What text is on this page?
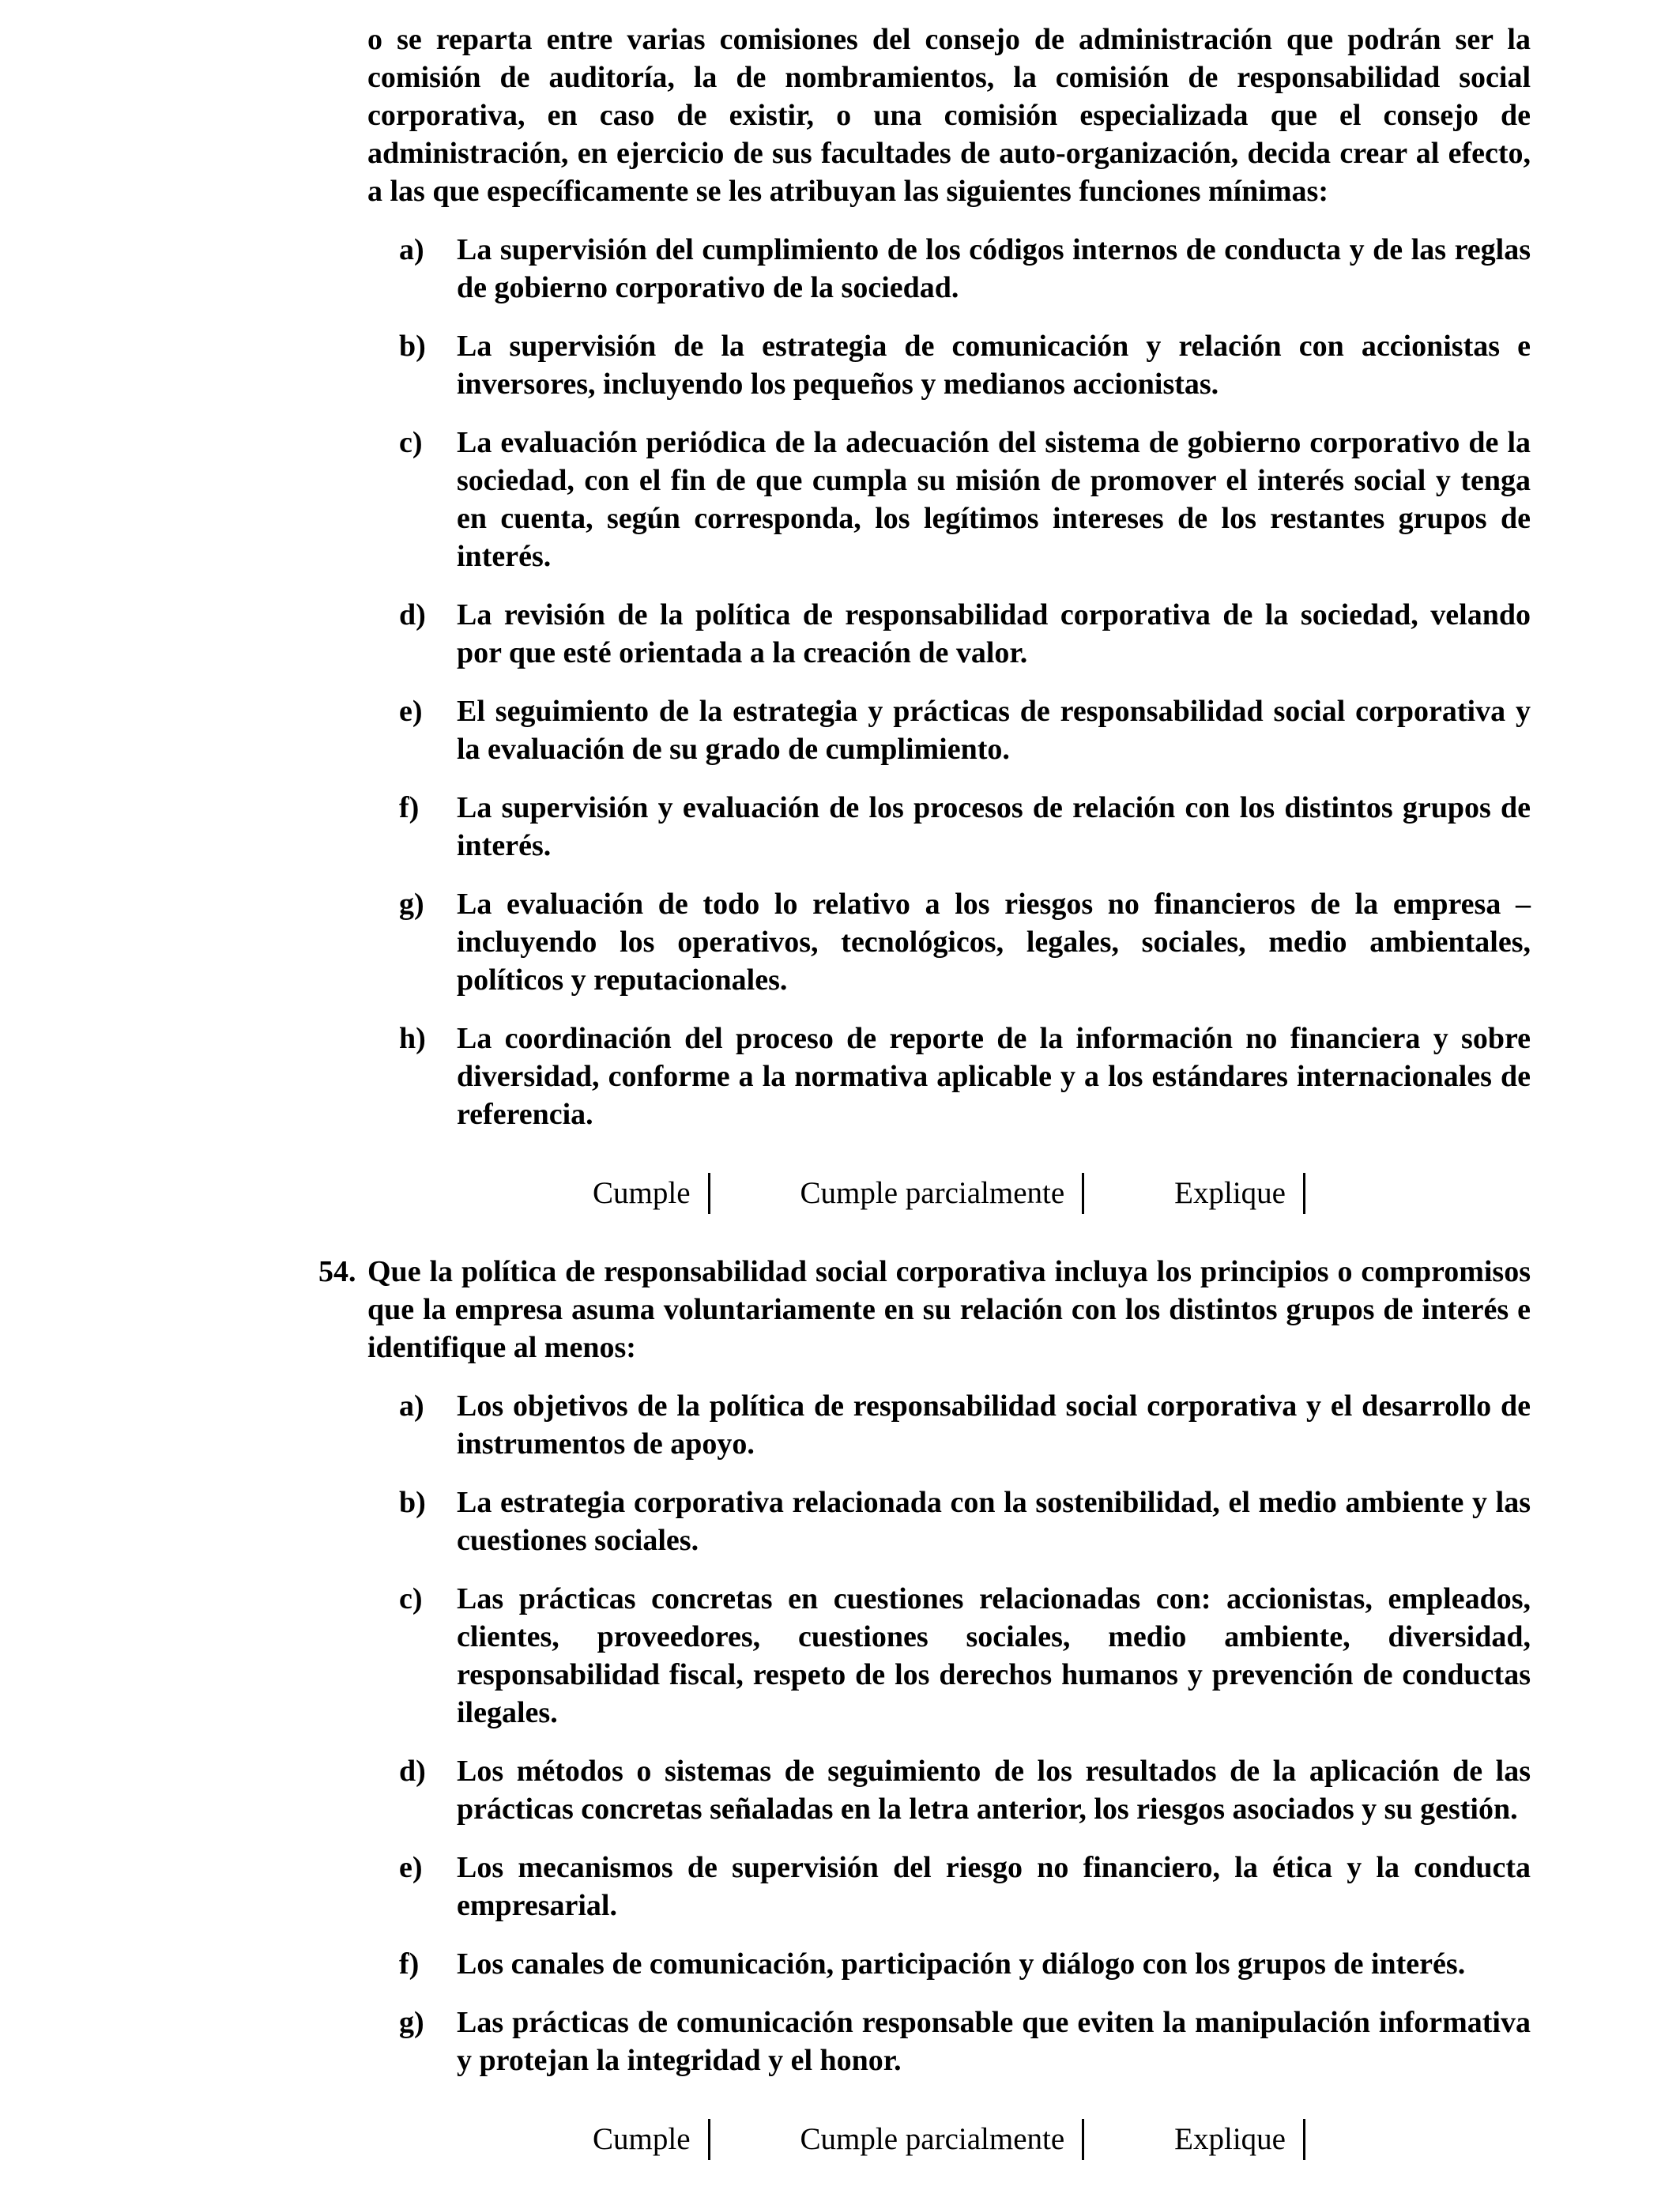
o se reparta entre varias comisiones del consejo de administración que podrán ser la comisión de auditoría, la de nombramientos, la comisión de responsabilidad social corporativa, en caso de existir, o una comisión especializada que el consejo de administración, en ejercicio de sus facultades de auto-organización, decida crear al efecto, a las que específicamente se les atribuyan las siguientes funciones mínimas:

a)	La supervisión del cumplimiento de los códigos internos de conducta y de las reglas de gobierno corporativo de la sociedad.
b)	La supervisión de la estrategia de comunicación y relación con accionistas e inversores, incluyendo los pequeños y medianos accionistas.
c)	La evaluación periódica de la adecuación del sistema de gobierno corporativo de la sociedad, con el fin de que cumpla su misión de promover el interés social y tenga en cuenta, según corresponda, los legítimos intereses de los restantes grupos de interés.
d)	La revisión de la política de responsabilidad corporativa de la sociedad, velando por que esté orientada a la creación de valor.
e)	El seguimiento de la estrategia y prácticas de responsabilidad social corporativa y la evaluación de su grado de cumplimiento.
f)	La supervisión y evaluación de los procesos de relación con los distintos grupos de interés.
g)	La evaluación de todo lo relativo a los riesgos no financieros de la empresa – incluyendo los operativos, tecnológicos, legales, sociales, medio ambientales, políticos y reputacionales.
h)	La coordinación del proceso de reporte de la información no financiera y sobre diversidad, conforme a la normativa aplicable y a los estándares internacionales de referencia.
Cumple	Cumple parcialmente	Explique
54. Que la política de responsabilidad social corporativa incluya los principios o compromisos que la empresa asuma voluntariamente en su relación con los distintos grupos de interés e identifique al menos:
a)	Los objetivos de la política de responsabilidad social corporativa y el desarrollo de instrumentos de apoyo.
b)	La estrategia corporativa relacionada con la sostenibilidad, el medio ambiente y las cuestiones sociales.
c)	Las prácticas concretas en cuestiones relacionadas con: accionistas, empleados, clientes, proveedores, cuestiones sociales, medio ambiente, diversidad, responsabilidad fiscal, respeto de los derechos humanos y prevención de conductas ilegales.
d)	Los métodos o sistemas de seguimiento de los resultados de la aplicación de las prácticas concretas señaladas en la letra anterior, los riesgos asociados y su gestión.
e)	Los mecanismos de supervisión del riesgo no financiero, la ética y la conducta empresarial.
f)	Los canales de comunicación, participación y diálogo con los grupos de interés.
g)	Las prácticas de comunicación responsable que eviten la manipulación informativa y protejan la integridad y el honor.
Cumple	Cumple parcialmente	Explique
